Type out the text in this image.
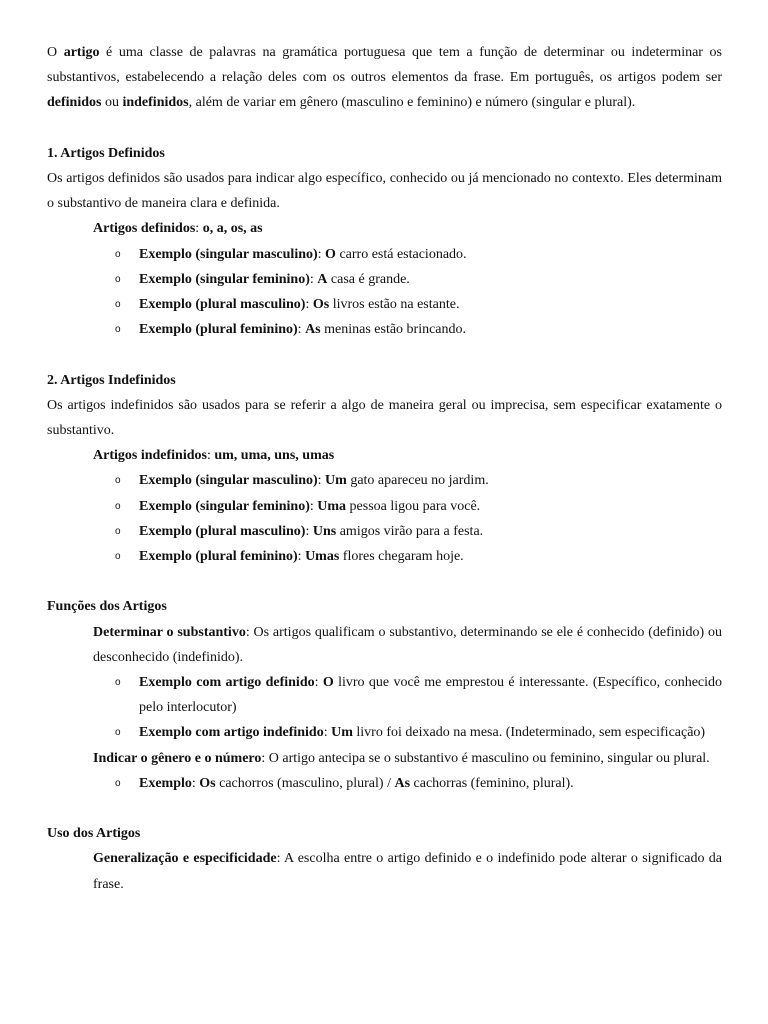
O artigo é uma classe de palavras na gramática portuguesa que tem a função de determinar ou indeterminar os substantivos, estabelecendo a relação deles com os outros elementos da frase. Em português, os artigos podem ser definidos ou indefinidos, além de variar em gênero (masculino e feminino) e número (singular e plural).

1. Artigos Definidos

Os artigos definidos são usados para indicar algo específico, conhecido ou já mencionado no contexto. Eles determinam o substantivo de maneira clara e definida.

Artigos definidos: o, a, os, as

o Exemplo (singular masculino): O carro está estacionado.
o Exemplo (singular feminino): A casa é grande.
o Exemplo (plural masculino): Os livros estão na estante.
o Exemplo (plural feminino): As meninas estão brincando.

2. Artigos Indefinidos

Os artigos indefinidos são usados para se referir a algo de maneira geral ou imprecisa, sem especificar exatamente o substantivo.

Artigos indefinidos: um, uma, uns, umas

o Exemplo (singular masculino): Um gato apareceu no jardim.
o Exemplo (singular feminino): Uma pessoa ligou para você.
o Exemplo (plural masculino): Uns amigos virão para a festa.
o Exemplo (plural feminino): Umas flores chegaram hoje.

Funções dos Artigos

Determinar o substantivo: Os artigos qualificam o substantivo, determinando se ele é conhecido (definido) ou desconhecido (indefinido).

o Exemplo com artigo definido: O livro que você me emprestou é interessante. (Específico, conhecido pelo interlocutor)
o Exemplo com artigo indefinido: Um livro foi deixado na mesa. (Indeterminado, sem especificação)

Indicar o gênero e o número: O artigo antecipa se o substantivo é masculino ou feminino, singular ou plural.

o Exemplo: Os cachorros (masculino, plural) / As cachorras (feminino, plural).

Uso dos Artigos

Generalização e especificidade: A escolha entre o artigo definido e o indefinido pode alterar o significado da frase.
